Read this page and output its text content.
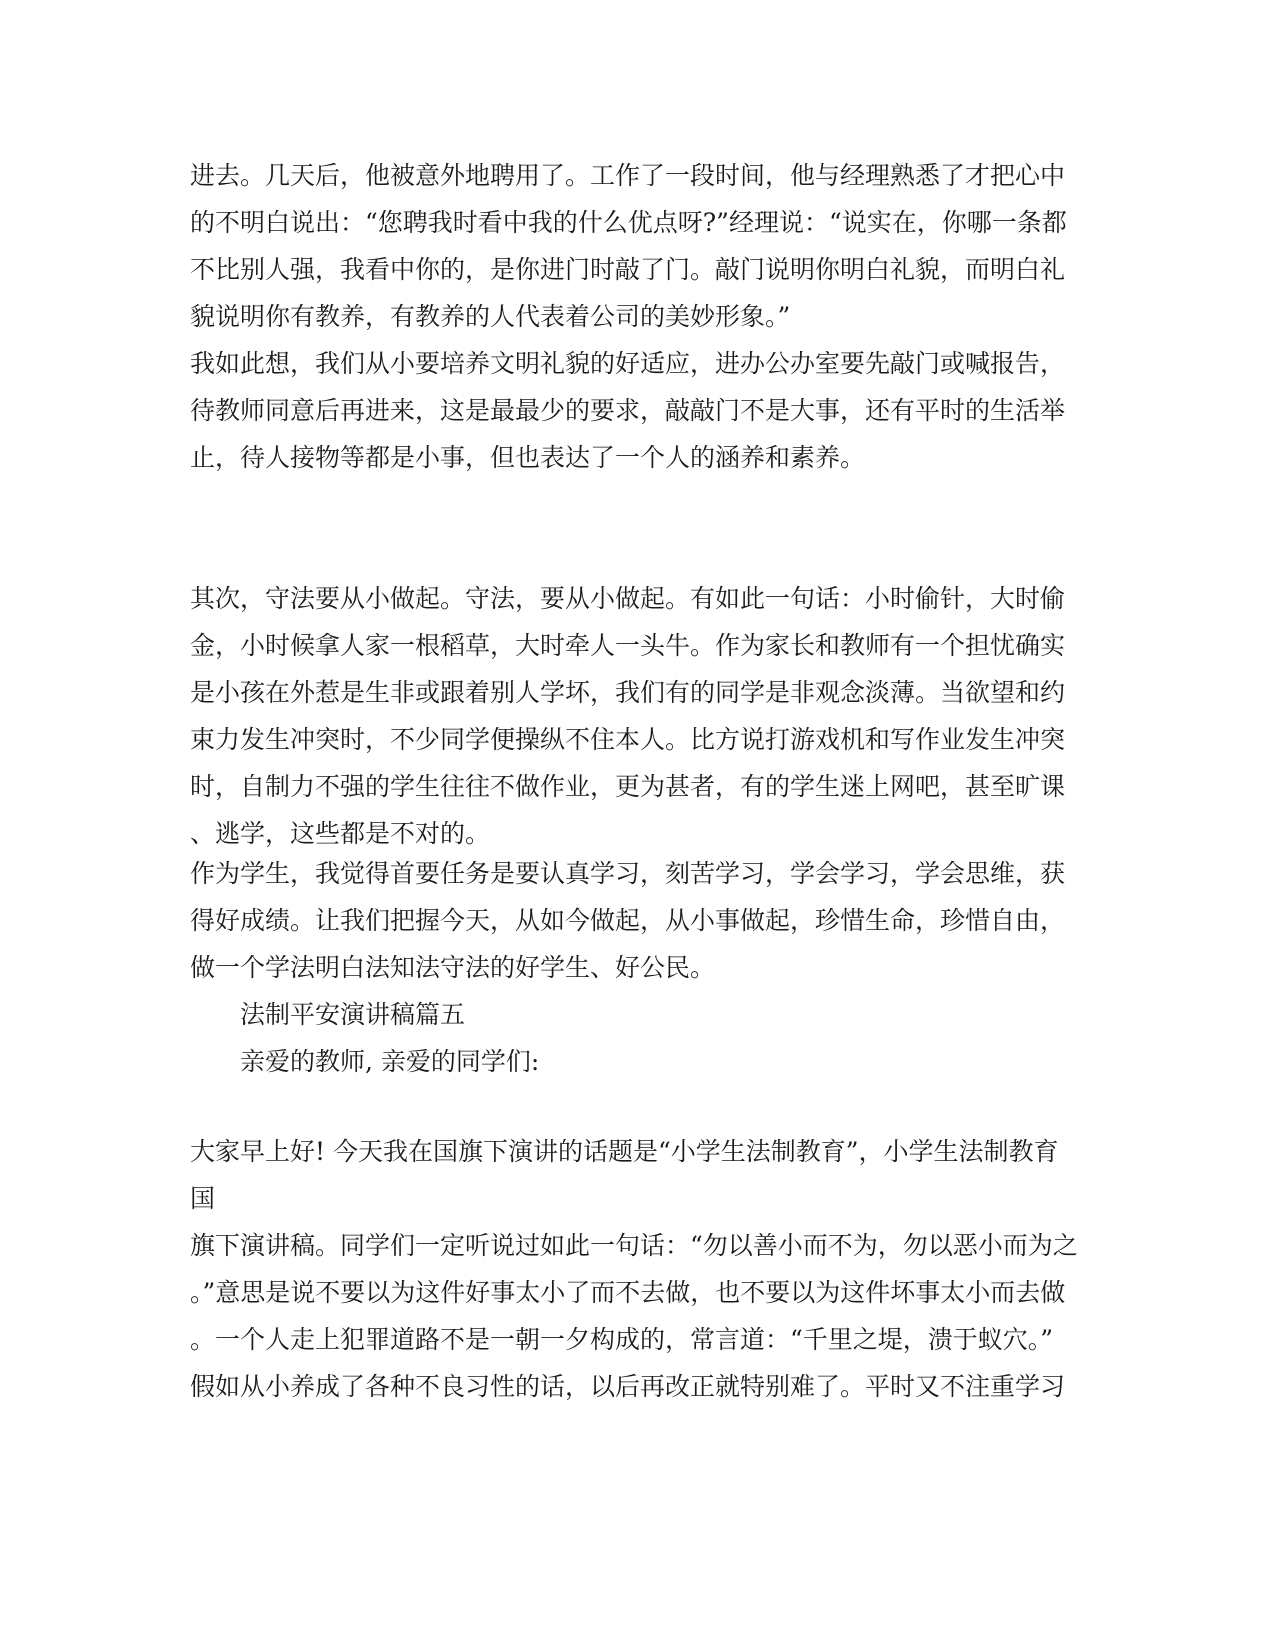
进去。几天后，他被意外地聘用了。工作了一段时间，他与经理熟悉了才把心中
的不明白说出：“您聘我时看中我的什么优点呀?”经理说：“说实在，你哪一条都
不比别人强，我看中你的，是你进门时敲了门。敲门说明你明白礼貌，而明白礼
貌说明你有教养，有教养的人代表着公司的美妙形象。”

我如此想，我们从小要培养文明礼貌的好适应，进办公办室要先敲门或喊报告，
待教师同意后再进来，这是最最少的要求，敲敲门不是大事，还有平时的生活举
止，待人接物等都是小事，但也表达了一个人的涵养和素养。

其次，守法要从小做起。守法，要从小做起。有如此一句话：小时偷针，大时偷
金，小时候拿人家一根稻草，大时牵人一头牛。作为家长和教师有一个担忧确实
是小孩在外惹是生非或跟着别人学坏，我们有的同学是非观念淡薄。当欲望和约
束力发生冲突时，不少同学便操纵不住本人。比方说打游戏机和写作业发生冲突
时，自制力不强的学生往往不做作业，更为甚者，有的学生迷上网吧，甚至旷课
、逃学，这些都是不对的。

作为学生，我觉得首要任务是要认真学习，刻苦学习，学会学习，学会思维，获
得好成绩。让我们把握今天，从如今做起，从小事做起，珍惜生命，珍惜自由，
做一个学法明白法知法守法的好学生、好公民。

法制平安演讲稿篇五

亲爱的教师, 亲爱的同学们:

大家早上好! 今天我在国旗下演讲的话题是“小学生法制教育”，小学生法制教育国
旗下演讲稿。同学们一定听说过如此一句话：“勿以善小而不为，勿以恶小而为之
。”意思是说不要以为这件好事太小了而不去做，也不要以为这件坏事太小而去做
。一个人走上犯罪道路不是一朝一夕构成的，常言道：“千里之堤，溃于蚁穴。”
假如从小养成了各种不良习性的话，以后再改正就特别难了。平时又不注重学习
